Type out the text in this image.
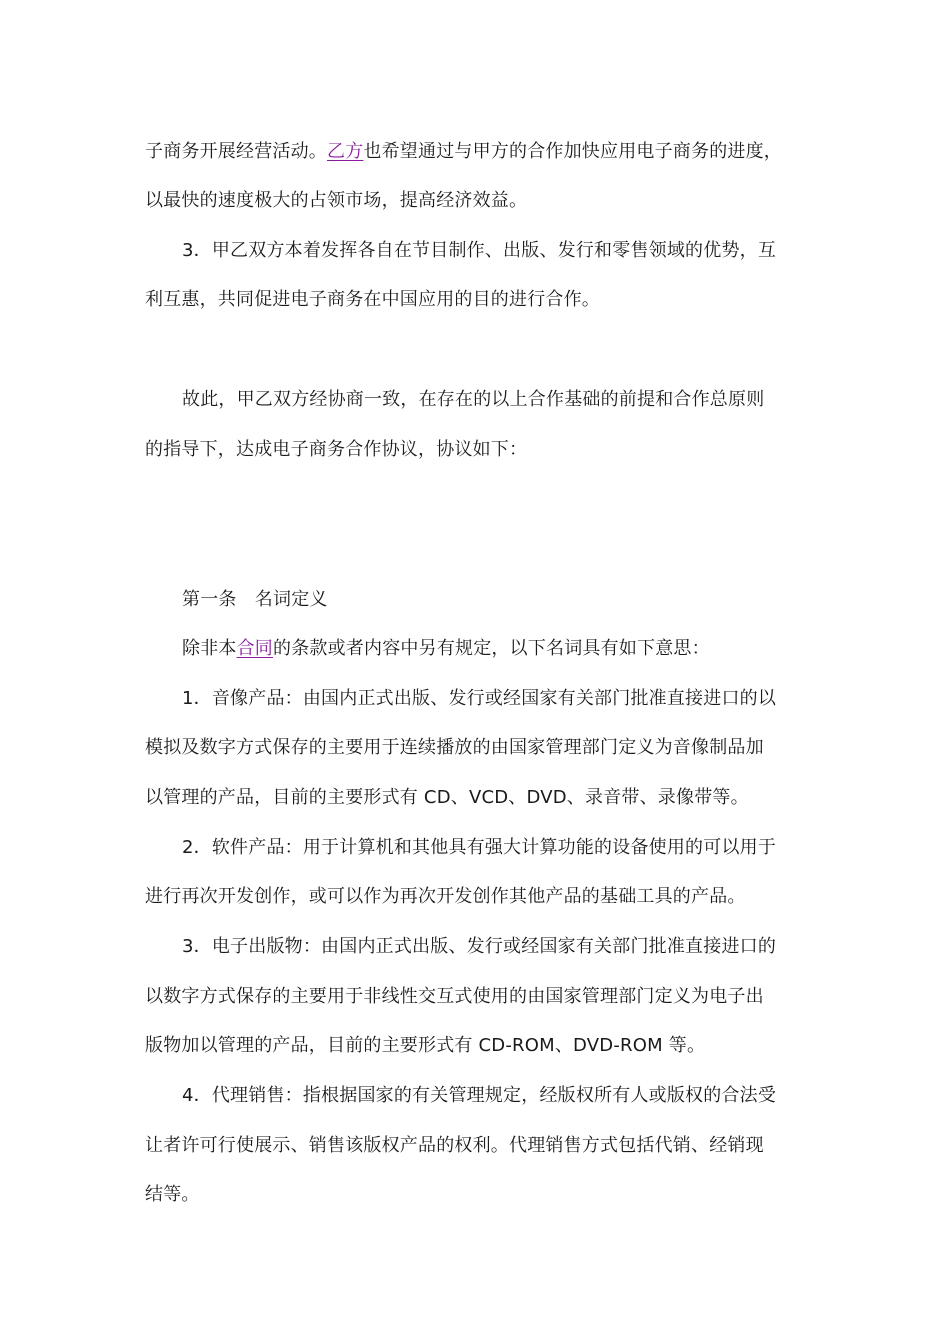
子商务开展经营活动。乙方也希望通过与甲方的合作加快应用电子商务的进度，
以最快的速度极大的占领市场，提高经济效益。
3．甲乙双方本着发挥各自在节目制作、出版、发行和零售领域的优势，互
利互惠，共同促进电子商务在中国应用的目的进行合作。
故此，甲乙双方经协商一致，在存在的以上合作基础的前提和合作总原则
的指导下，达成电子商务合作协议，协议如下：
第一条　名词定义
除非本合同的条款或者内容中另有规定，以下名词具有如下意思：
1．音像产品：由国内正式出版、发行或经国家有关部门批准直接进口的以
模拟及数字方式保存的主要用于连续播放的由国家管理部门定义为音像制品加
以管理的产品，目前的主要形式有 CD、VCD、DVD、录音带、录像带等。
2．软件产品：用于计算机和其他具有强大计算功能的设备使用的可以用于
进行再次开发创作，或可以作为再次开发创作其他产品的基础工具的产品。
3．电子出版物：由国内正式出版、发行或经国家有关部门批准直接进口的
以数字方式保存的主要用于非线性交互式使用的由国家管理部门定义为电子出
版物加以管理的产品，目前的主要形式有 CD-ROM、DVD-ROM 等。
4．代理销售：指根据国家的有关管理规定，经版权所有人或版权的合法受
让者许可行使展示、销售该版权产品的权利。代理销售方式包括代销、经销现
结等。
